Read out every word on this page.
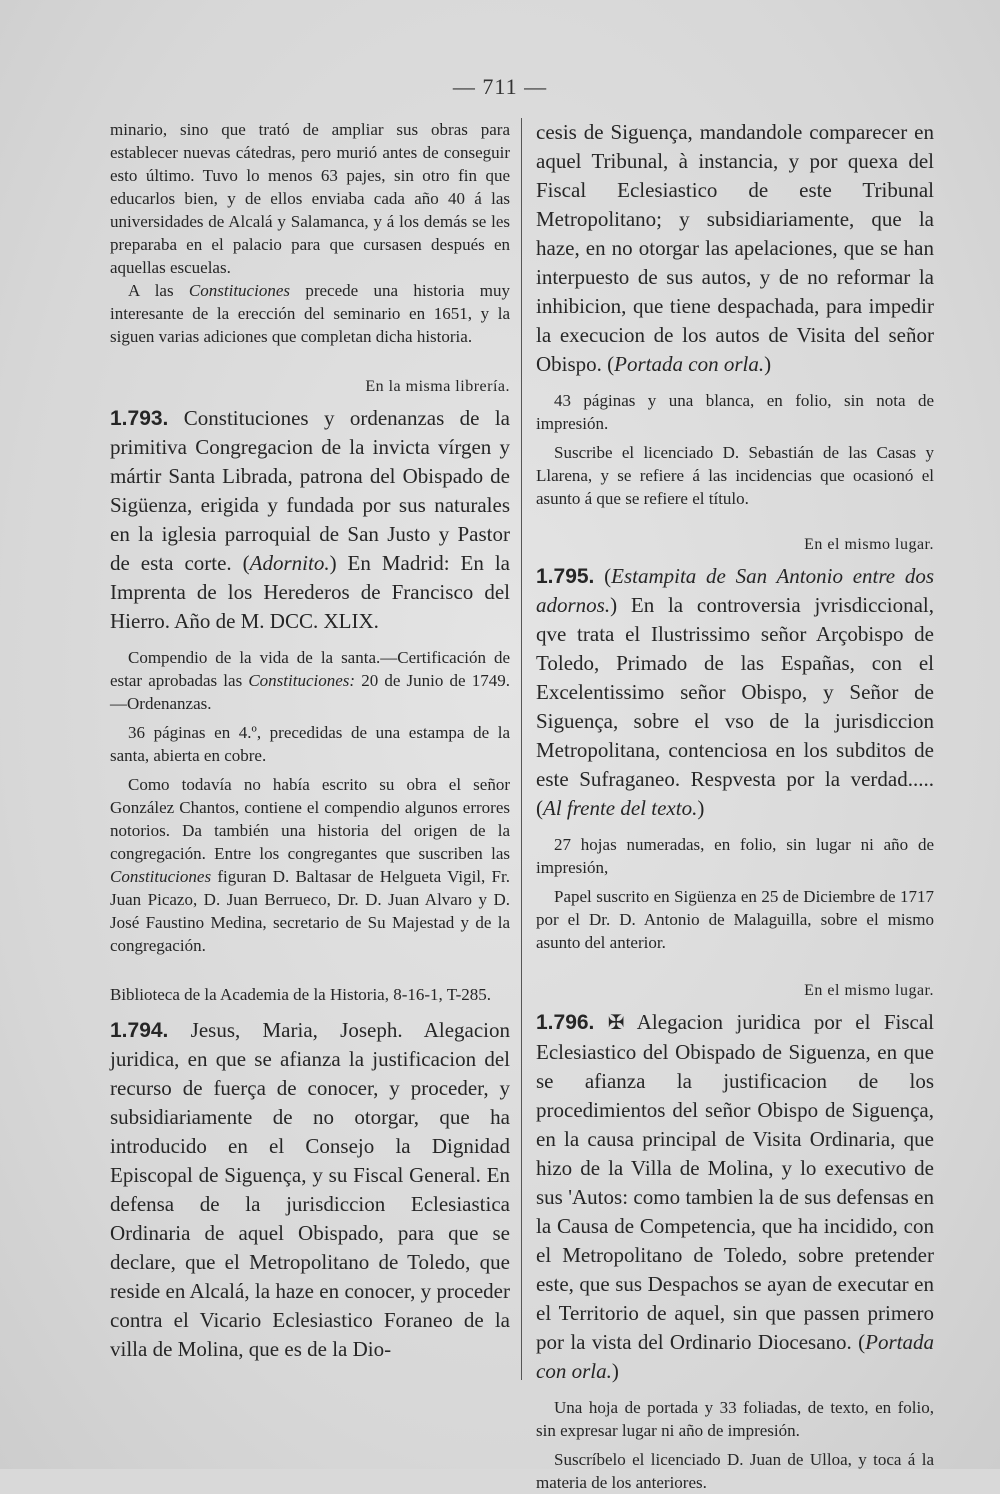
— 711 —

minario, sino que trató de ampliar sus obras para establecer nuevas cátedras, pero murió antes de conseguir esto último. Tuvo lo menos 63 pajes, sin otro fin que educarlos bien, y de ellos enviaba cada año 40 á las universidades de Alcalá y Salamanca, y á los demás se les preparaba en el palacio para que cursasen después en aquellas escuelas.

A las Constituciones precede una historia muy interesante de la erección del seminario en 1651, y la siguen varias adiciones que completan dicha historia.

En la misma librería.

1.793. Constituciones y ordenanzas de la primitiva Congregacion de la invicta vírgen y mártir Santa Librada, patrona del Obispado de Sigüenza, erigida y fundada por sus naturales en la iglesia parroquial de San Justo y Pastor de esta corte. (Adornito.) En Madrid: En la Imprenta de los Herederos de Francisco del Hierro. Año de M. DCC. XLIX.

Compendio de la vida de la santa.—Certificación de estar aprobadas las Constituciones: 20 de Junio de 1749.—Ordenanzas.

36 páginas en 4.º, precedidas de una estampa de la santa, abierta en cobre.

Como todavía no había escrito su obra el señor González Chantos, contiene el compendio algunos errores notorios. Da también una historia del origen de la congregación. Entre los congregantes que suscriben las Constituciones figuran D. Baltasar de Helgueta Vigil, Fr. Juan Picazo, D. Juan Berrueco, Dr. D. Juan Alvaro y D. José Faustino Medina, secretario de Su Majestad y de la congregación.

Biblioteca de la Academia de la Historia, 8-16-1, T-285.

1.794. Jesus, Maria, Joseph. Alegacion juridica, en que se afianza la justificacion del recurso de fuerça de conocer, y proceder, y subsidiariamente de no otorgar, que ha introducido en el Consejo la Dignidad Episcopal de Siguença, y su Fiscal General. En defensa de la jurisdiccion Eclesiastica Ordinaria de aquel Obispado, para que se declare, que el Metropolitano de Toledo, que reside en Alcalá, la haze en conocer, y proceder contra el Vicario Eclesiastico Foraneo de la villa de Molina, que es de la Dio-

cesis de Siguença, mandandole comparecer en aquel Tribunal, à instancia, y por quexa del Fiscal Eclesiastico de este Tribunal Metropolitano; y subsidiariamente, que la haze, en no otorgar las apelaciones, que se han interpuesto de sus autos, y de no reformar la inhibicion, que tiene despachada, para impedir la execucion de los autos de Visita del señor Obispo. (Portada con orla.)

43 páginas y una blanca, en folio, sin nota de impresión.

Suscribe el licenciado D. Sebastián de las Casas y Llarena, y se refiere á las incidencias que ocasionó el asunto á que se refiere el título.

En el mismo lugar.

1.795. (Estampita de San Antonio entre dos adornos.) En la controversia jvrisdiccional, qve trata el Ilustrissimo señor Arçobispo de Toledo, Primado de las Españas, con el Excelentissimo señor Obispo, y Señor de Siguença, sobre el vso de la jurisdiccion Metropolitana, contenciosa en los subditos de este Sufraganeo. Respvesta por la verdad..... (Al frente del texto.)

27 hojas numeradas, en folio, sin lugar ni año de impresión,

Papel suscrito en Sigüenza en 25 de Diciembre de 1717 por el Dr. D. Antonio de Malaguilla, sobre el mismo asunto del anterior.

En el mismo lugar.

1.796. ✠ Alegacion juridica por el Fiscal Eclesiastico del Obispado de Siguenza, en que se afianza la justificacion de los procedimientos del señor Obispo de Siguença, en la causa principal de Visita Ordinaria, que hizo de la Villa de Molina, y lo executivo de sus 'Autos: como tambien la de sus defensas en la Causa de Competencia, que ha incidido, con el Metropolitano de Toledo, sobre pretender este, que sus Despachos se ayan de executar en el Territorio de aquel, sin que passen primero por la vista del Ordinario Diocesano. (Portada con orla.)

Una hoja de portada y 33 foliadas, de texto, en folio, sin expresar lugar ni año de impresión.

Suscríbelo el licenciado D. Juan de Ulloa, y toca á la materia de los anteriores.
